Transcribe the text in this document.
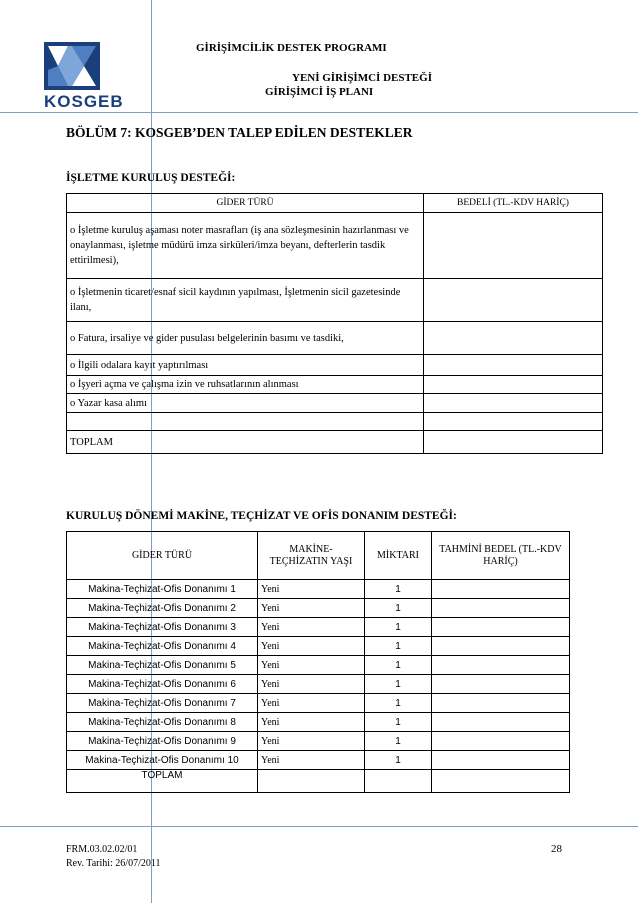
KOSGEB
GİRİŞİMCİLİK DESTEK PROGRAMI
YENİ GİRİŞİMCİ DESTEĞİ
GİRİŞİMCİ İŞ PLANI
BÖLÜM 7: KOSGEB’DEN TALEP EDİLEN DESTEKLER
İŞLETME KURULUŞ DESTEĞİ:
GİDER TÜRÜ	BEDELİ (TL.-KDV HARİÇ)
o İşletme kuruluş aşaması noter masrafları (iş ana sözleşmesinin hazırlanması ve onaylanması, işletme müdürü imza sirküleri/imza beyanı, defterlerin tasdik ettirilmesi),	
o İşletmenin ticaret/esnaf sicil kaydının yapılması, İşletmenin sicil gazetesinde ilanı,	
o Fatura, irsaliye ve gider pusulası belgelerinin basımı ve tasdiki,	
o İlgili odalara kayıt yaptırılması	
o İşyeri açma ve çalışma izin ve ruhsatlarının alınması	
o Yazar kasa alımı	

TOPLAM	
KURULUŞ DÖNEMİ MAKİNE, TEÇHİZAT VE OFİS DONANIM DESTEĞİ:
GİDER TÜRÜ	MAKİNE-TEÇHİZATIN YAŞI	MİKTARI	TAHMİNİ BEDEL (TL.-KDV HARİÇ)
Makina-Teçhizat-Ofis Donanımı 1	Yeni	1	
Makina-Teçhizat-Ofis Donanımı 2	Yeni	1	
Makina-Teçhizat-Ofis Donanımı 3	Yeni	1	
Makina-Teçhizat-Ofis Donanımı 4	Yeni	1	
Makina-Teçhizat-Ofis Donanımı 5	Yeni	1	
Makina-Teçhizat-Ofis Donanımı 6	Yeni	1	
Makina-Teçhizat-Ofis Donanımı 7	Yeni	1	
Makina-Teçhizat-Ofis Donanımı 8	Yeni	1	
Makina-Teçhizat-Ofis Donanımı 9	Yeni	1	
Makina-Teçhizat-Ofis Donanımı 10	Yeni	1	
TOPLAM			
FRM.03.02.02/01
Rev. Tarihi: 26/07/2011
28
